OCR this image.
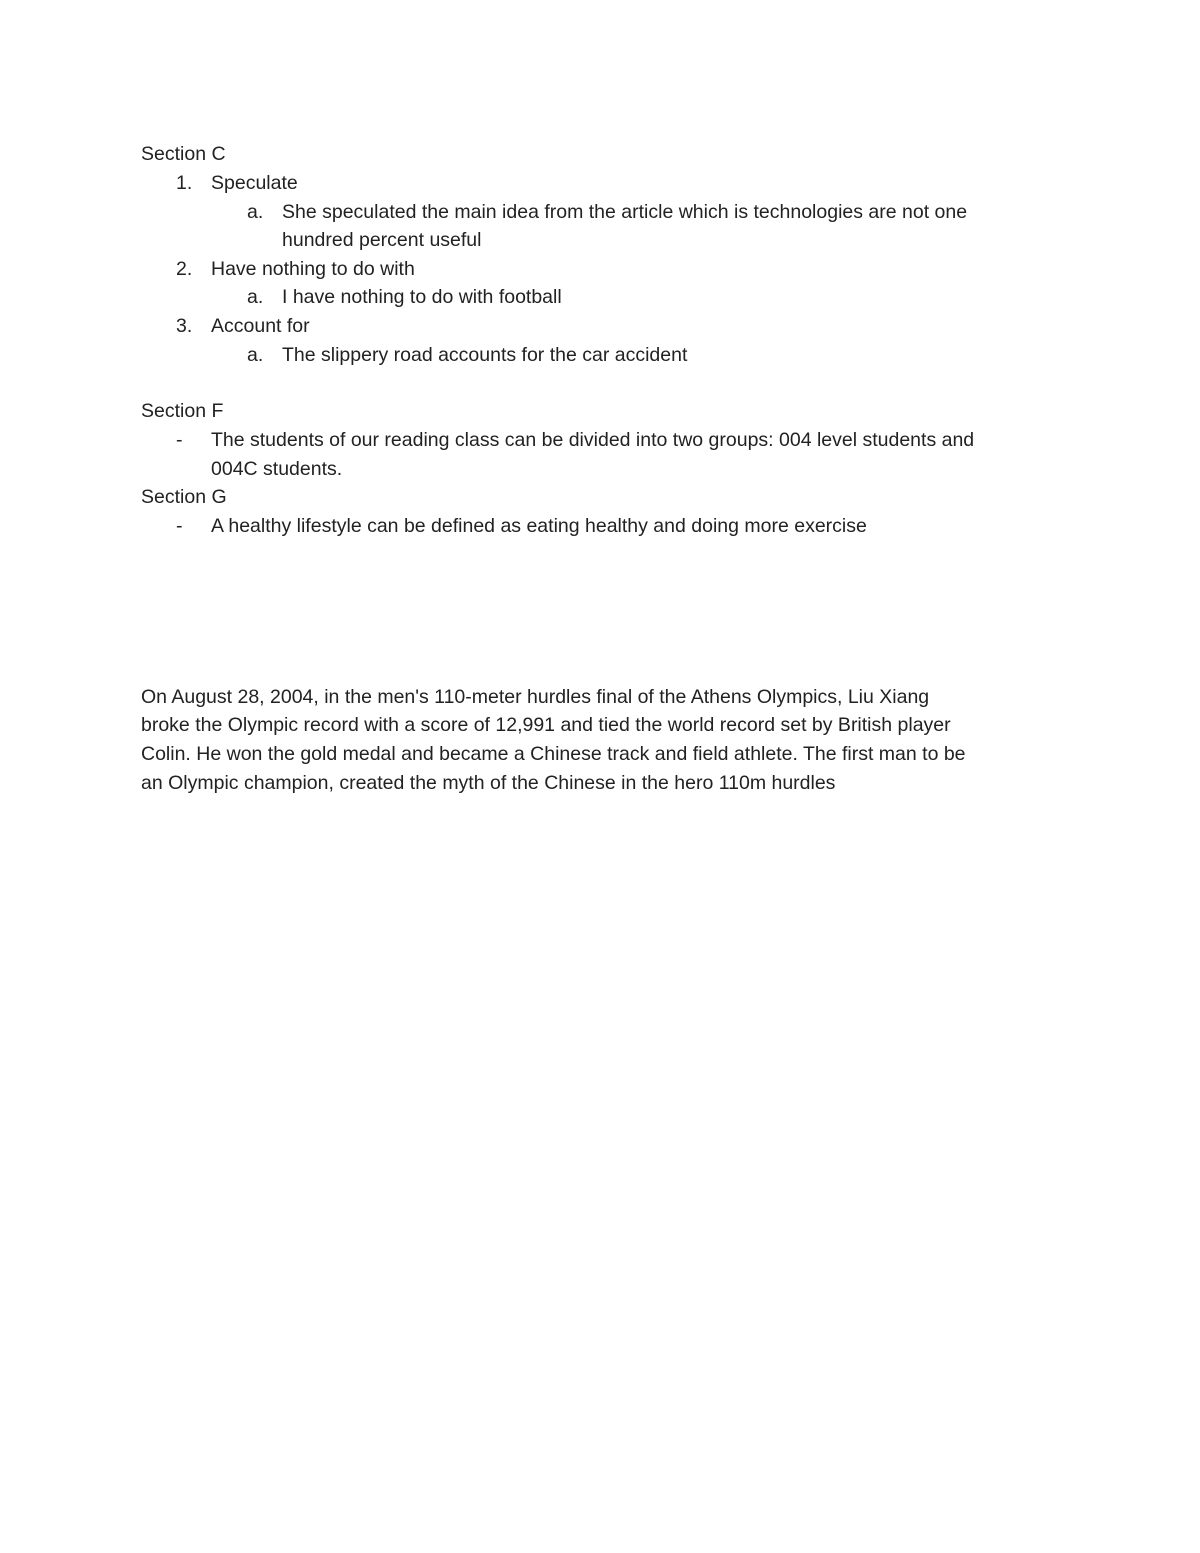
Section C
1. Speculate
a. She speculated the main idea from the article which is technologies are not one
hundred percent useful
2. Have nothing to do with
a. I have nothing to do with football
3. Account for
a. The slippery road accounts for the car accident
Section F
- The students of our reading class can be divided into two groups: 004 level students and
004C students.
Section G
- A healthy lifestyle can be defined as eating healthy and doing more exercise
On August 28, 2004, in the men's 110-meter hurdles final of the Athens Olympics, Liu Xiang
broke the Olympic record with a score of 12,991 and tied the world record set by British player
Colin. He won the gold medal and became a Chinese track and field athlete. The first man to be
an Olympic champion, created the myth of the Chinese in the hero 110m hurdles
